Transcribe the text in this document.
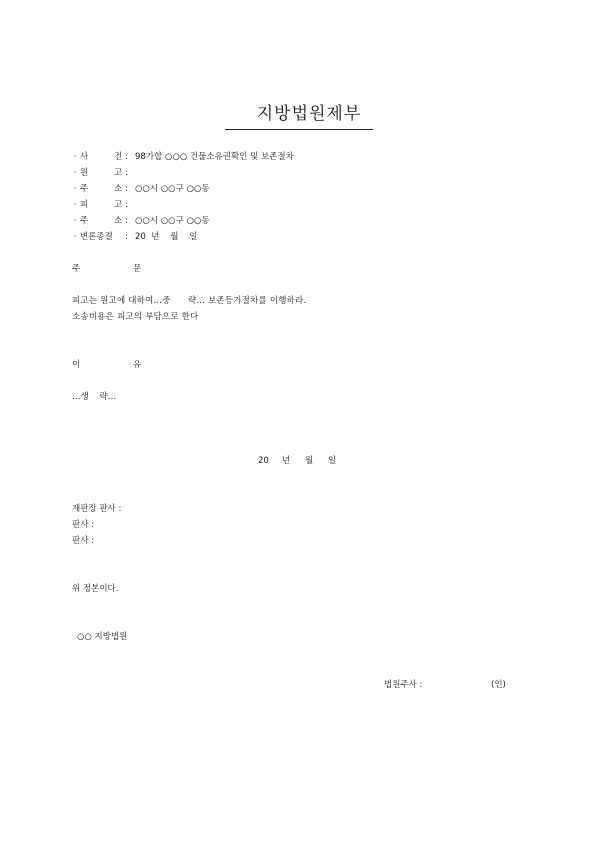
지방법원제부
· 사	건 : 98가합 ○○○ 건물소유권확인 및 보존절차
· 원	고 :
· 주	소 : ○○시 ○○구 ○○동
· 피	고 :
· 주	소 : ○○시 ○○구 ○○동
· 변론종결 : 20  년    월    일
주	문
피고는 원고에 대하여…중      략… 보존등기절차를 이행하라.
소송비용은 피고의 부담으로 한다
이	유
…생    략…
20 년 월 일
재판장 판사 :
판사 :
판사 :
위 정본이다.
○○ 지방법원
법원주사 :	(인)
